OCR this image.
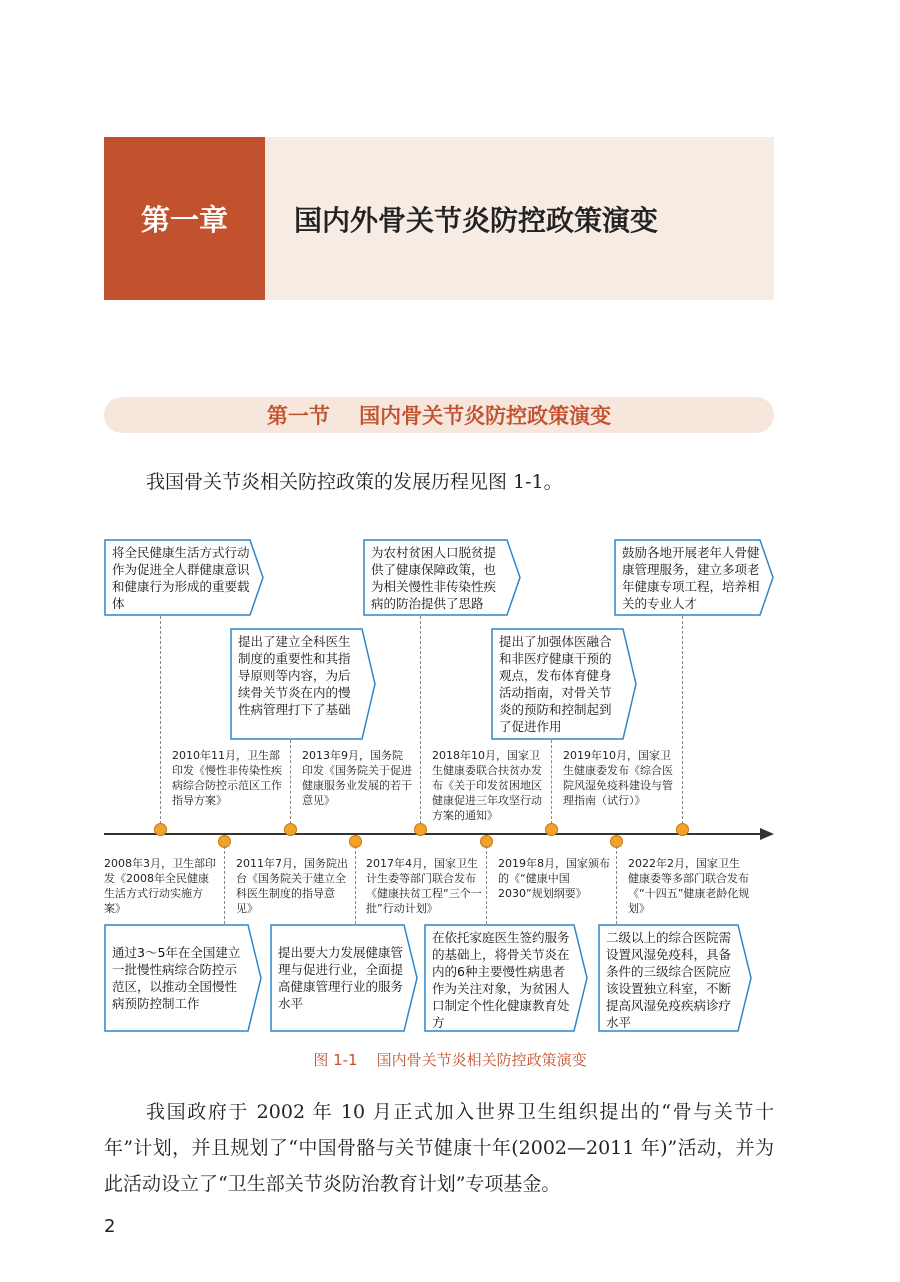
第一章	国内外骨关节炎防控政策演变
第一节    国内骨关节炎防控政策演变

我国骨关节炎相关防控政策的发展历程见图 1-1。

2010年11月，卫生部印发《慢性非传染性疾病综合防控示范区工作指导方案》

2013年9月，国务院印发《国务院关于促进健康服务业发展的若干意见》

2018年10月，国家卫生健康委联合扶贫办发布《关于印发贫困地区健康促进三年攻坚行动方案的通知》

2019年10月，国家卫生健康委发布《综合医院风湿免疫科建设与管理指南（试行）》

2008年3月，卫生部印发《2008年全民健康生活方式行动实施方案》

2011年7月，国务院出台《国务院关于建立全科医生制度的指导意见》

2017年4月，国家卫生计生委等部门联合发布《健康扶贫工程“三个一批”行动计划》

2019年8月，国家颁布的《“健康中国2030”规划纲要》

2022年2月，国家卫生健康委等多部门联合发布《“十四五”健康老龄化规划》

将全民健康生活方式行动作为促进全人群健康意识和健康行为形成的重要载体
提出了建立全科医生制度的重要性和其指导原则等内容，为后续骨关节炎在内的慢性病管理打下了基础
为农村贫困人口脱贫提供了健康保障政策，也为相关慢性非传染性疾病的防治提供了思路
提出了加强体医融合和非医疗健康干预的观点，发布体育健身活动指南，对骨关节炎的预防和控制起到了促进作用
鼓励各地开展老年人骨健康管理服务，建立多项老年健康专项工程，培养相关的专业人才
通过3～5年在全国建立一批慢性病综合防控示范区，以推动全国慢性病预防控制工作
提出要大力发展健康管理与促进行业，全面提高健康管理行业的服务水平
在依托家庭医生签约服务的基础上，将骨关节炎在内的6种主要慢性病患者作为关注对象，为贫困人口制定个性化健康教育处方
二级以上的综合医院需设置风湿免疫科，具备条件的三级综合医院应该设置独立科室，不断提高风湿免疫疾病诊疗水平
图 1-1    国内骨关节炎相关防控政策演变

我国政府于 2002 年 10 月正式加入世界卫生组织提出的“骨与关节十年”计划，并且规划了“中国骨骼与关节健康十年(2002—2011 年)”活动，并为此活动设立了“卫生部关节炎防治教育计划”专项基金。

2
